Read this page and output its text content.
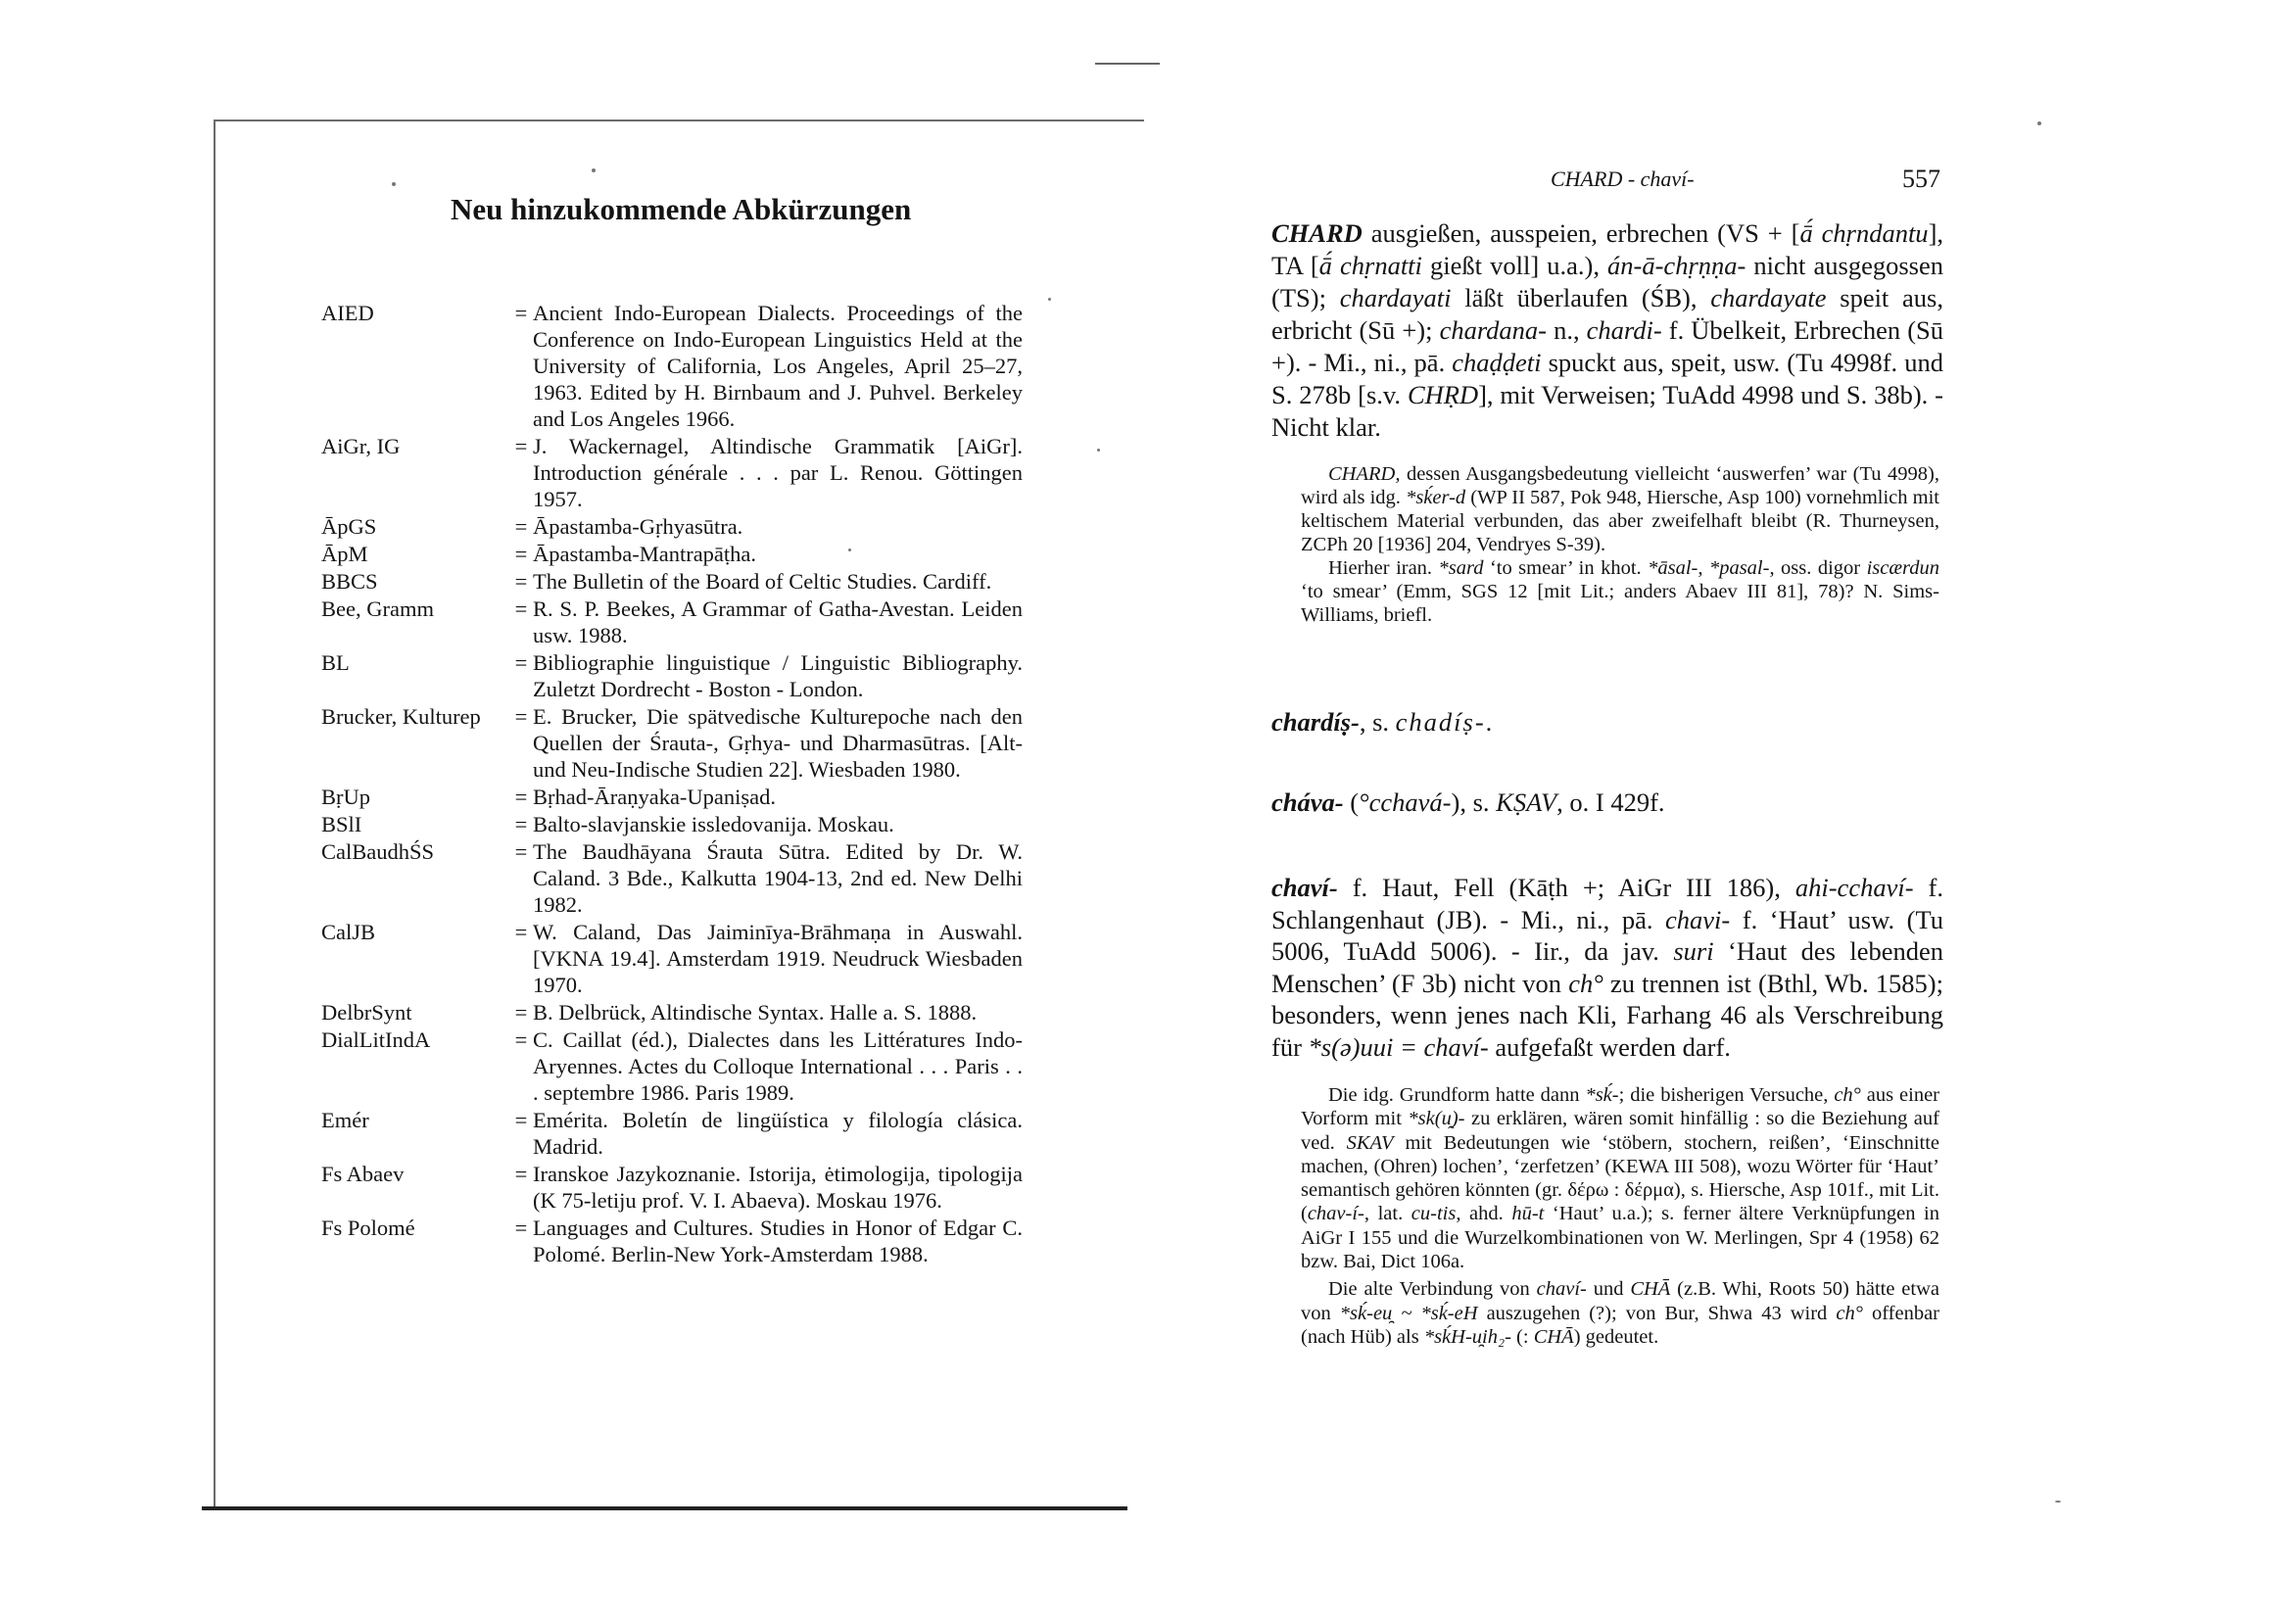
Neu hinzukommende Abkürzungen
AIED	= Ancient Indo-European Dialects. Proceedings of the Conference on Indo-European Linguistics Held at the University of California, Los Angeles, April 25–27, 1963. Edited by H. Birnbaum and J. Puhvel. Berkeley and Los Angeles 1966.
AiGr, IG	= J. Wackernagel, Altindische Grammatik [AiGr]. Introduction générale . . . par L. Renou. Göttingen 1957.
ĀpGS	= Āpastamba-Gṛhyasūtra.
ĀpM	= Āpastamba-Mantrapāṭha.
BBCS	= The Bulletin of the Board of Celtic Studies. Cardiff.
Bee, Gramm	= R. S. P. Beekes, A Grammar of Gatha-Avestan. Leiden usw. 1988.
BL	= Bibliographie linguistique / Linguistic Bibliography. Zuletzt Dordrecht - Boston - London.
Brucker, Kulturep	= E. Brucker, Die spätvedische Kulturepoche nach den Quellen der Śrauta-, Gṛhya- und Dharmasūtras. [Alt- und Neu-Indische Studien 22]. Wiesbaden 1980.
BṛUp	= Bṛhad-Āraṇyaka-Upaniṣad.
BSlI	= Balto-slavjanskie issledovanija. Moskau.
CalBaudhŚS	= The Baudhāyana Śrauta Sūtra. Edited by Dr. W. Caland. 3 Bde., Kalkutta 1904-13, 2nd ed. New Delhi 1982.
CalJB	= W. Caland, Das Jaiminīya-Brāhmaṇa in Auswahl. [VKNA 19.4]. Amsterdam 1919. Neudruck Wiesbaden 1970.
DelbrSynt	= B. Delbrück, Altindische Syntax. Halle a. S. 1888.
DialLitIndA	= C. Caillat (éd.), Dialectes dans les Littératures Indo-Aryennes. Actes du Colloque International . . . Paris . . . septembre 1986. Paris 1989.
Emér	= Emérita. Boletín de lingüística y filología clásica. Madrid.
Fs Abaev	= Iranskoe Jazykoznanie. Istorija, ėtimologija, tipologija (K 75-letiju prof. V. I. Abaeva). Moskau 1976.
Fs Polomé	= Languages and Cultures. Studies in Honor of Edgar C. Polomé. Berlin-New York-Amsterdam 1988.
CHARD - chaví-	557
CHARD ausgießen, ausspeien, erbrechen (VS + [ā́ chṛndantu], TA [ā́ chṛnatti gießt voll] u.a.), án-ā-chṛṇṇa- nicht ausgegossen (TS); chardayati läßt überlaufen (ŚB), chardayate speit aus, erbricht (Sū +); chardana- n., chardi- f. Übelkeit, Erbrechen (Sū +). - Mi., ni., pā. chaḍḍeti spuckt aus, speit, usw. (Tu 4998f. und S. 278b [s.v. CHṚD], mit Verweisen; TuAdd 4998 und S. 38b). - Nicht klar.

CHARD, dessen Ausgangsbedeutung vielleicht ‘auswerfen’ war (Tu 4998), wird als idg. *sḱer-d (WP II 587, Pok 948, Hiersche, Asp 100) vornehmlich mit keltischem Material verbunden, das aber zweifelhaft bleibt (R. Thurneysen, ZCPh 20 [1936] 204, Vendryes S-39).

Hierher iran. *sard ‘to smear’ in khot. *āsal-, *pasal-, oss. digor iscærdun ‘to smear’ (Emm, SGS 12 [mit Lit.; anders Abaev III 81], 78)? N. Sims-Williams, briefl.

chardíṣ-, s. chadíṣ-.
cháva- (°cchavá-), s. KṢAV, o. I 429f.
chaví- f. Haut, Fell (Kāṭh +; AiGr III 186), ahi-cchaví- f. Schlangenhaut (JB). - Mi., ni., pā. chavi- f. ‘Haut’ usw. (Tu 5006, TuAdd 5006). - Iir., da jav. suri ‘Haut des lebenden Menschen’ (F 3b) nicht von ch° zu trennen ist (Bthl, Wb. 1585); besonders, wenn jenes nach Kli, Farhang 46 als Verschreibung für *s(ə)uui = chaví- aufgefaßt werden darf.

Die idg. Grundform hatte dann *sḱ-; die bisherigen Versuche, ch° aus einer Vorform mit *sk(u̯)- zu erklären, wären somit hinfällig : so die Beziehung auf ved. SKAV mit Bedeutungen wie ‘stöbern, stochern, reißen’, ‘Einschnitte machen, (Ohren) lochen’, ‘zerfetzen’ (KEWA III 508), wozu Wörter für ‘Haut’ semantisch gehören könnten (gr. δέρω : δέρμα), s. Hiersche, Asp 101f., mit Lit. (chav-í-, lat. cu-tis, ahd. hū-t ‘Haut’ u.a.); s. ferner ältere Verknüpfungen in AiGr I 155 und die Wurzelkombinationen von W. Merlingen, Spr 4 (1958) 62 bzw. Bai, Dict 106a.

Die alte Verbindung von chaví- und CHĀ (z.B. Whi, Roots 50) hätte etwa von *sḱ-eu̯ ~ *sḱ-eH auszugehen (?); von Bur, Shwa 43 wird ch° offenbar (nach Hüb) als *sḱH-u̯ih₂- (: CHĀ) gedeutet.
